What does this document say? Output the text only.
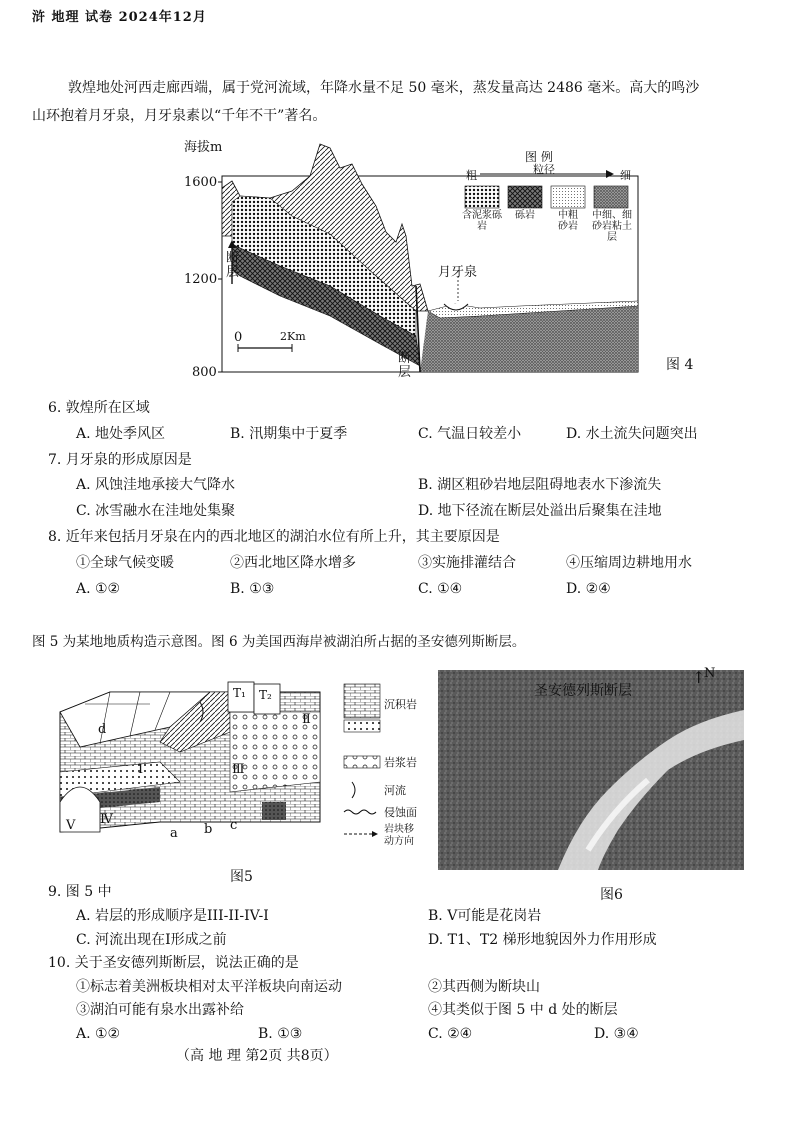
浒 地理 试卷 2024年12月
敦煌地处河西走廊西端，属于党河流域，年降水量不足 50 毫米，蒸发量高达 2486 毫米。高大的鸣沙
山环抱着月牙泉，月牙泉素以“千年不干”著名。
海拔m
1600
1200
800
断层
断层
月牙泉
0	2Km
图 例
粒径
粗	细
含泥浆砾岩
砾岩	中粗砂岩
中细、细砂岩粘土层
图 4
6. 敦煌所在区域
A. 地处季风区	B. 汛期集中于夏季	C. 气温日较差小	D. 水土流失问题突出
7. 月牙泉的形成原因是
A. 风蚀洼地承接大气降水	B. 湖区粗砂岩地层阻碍地表水下渗流失
C. 冰雪融水在洼地处集聚	D. 地下径流在断层处溢出后聚集在洼地
8. 近年来包括月牙泉在内的西北地区的湖泊水位有所上升，其主要原因是
①全球气候变暖	②西北地区降水增多	③实施排灌结合	④压缩周边耕地用水
A. ①②	B. ①③	C. ①④	D. ②④
图 5 为某地地质构造示意图。图 6 为美国西海岸被湖泊所占据的圣安德列斯断层。
T₁ T₂
d
Ⅰ
Ⅱ
Ⅲ
Ⅳ
Ⅴ
a b c
沉积岩
岩浆岩
河流
侵蚀面
岩块移动方向
图5
圣安德列斯断层
↑
N
图6
9. 图 5 中
A. 岩层的形成顺序是III-II-IV-I	B. V可能是花岗岩
C. 河流出现在I形成之前	D. T1、T2 梯形地貌因外力作用形成
10. 关于圣安德列斯断层，说法正确的是
①标志着美洲板块相对太平洋板块向南运动	②其西侧为断块山
③湖泊可能有泉水出露补给	④其类似于图 5 中 d 处的断层
A. ①②	B. ①③	C. ②④	D. ③④
（高 地 理 第2页 共8页）
